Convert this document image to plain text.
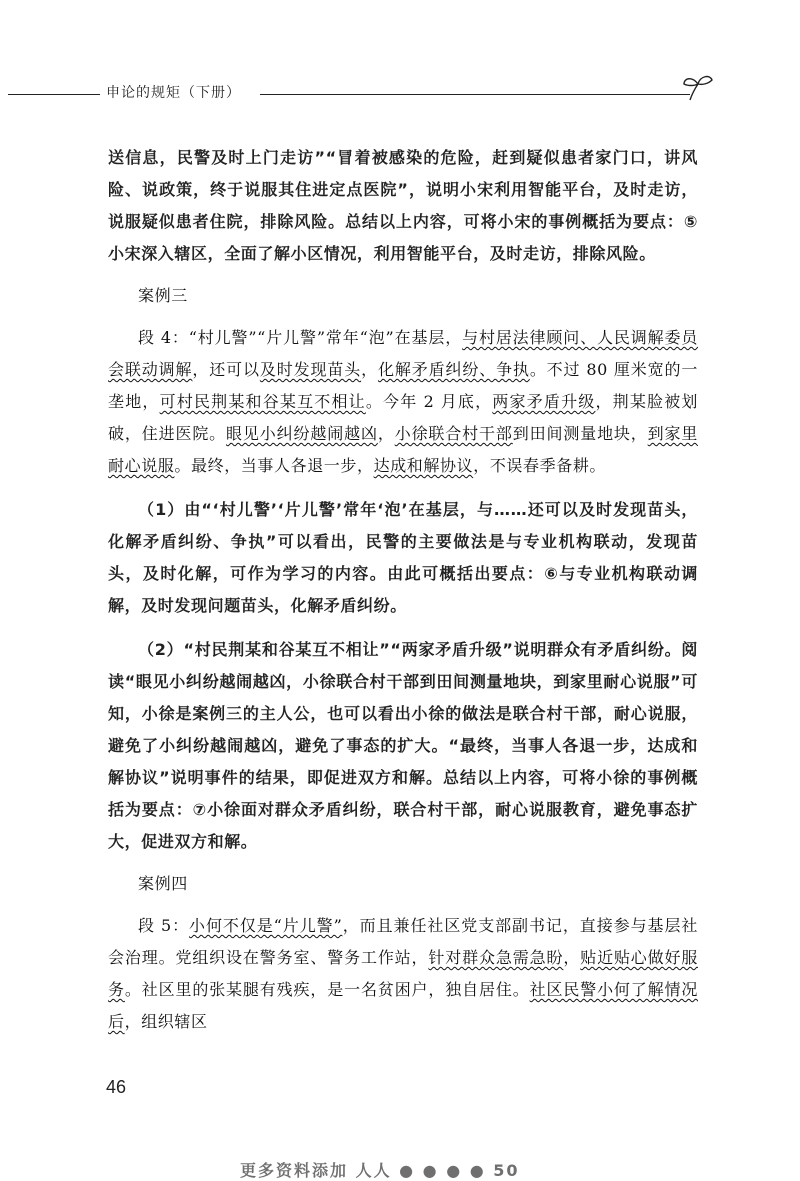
申论的规矩（下册）

送信息，民警及时上门走访”“冒着被感染的危险，赶到疑似患者家门口，讲风险、说政策，终于说服其住进定点医院”，说明小宋利用智能平台，及时走访，说服疑似患者住院，排除风险。总结以上内容，可将小宋的事例概括为要点：⑤小宋深入辖区，全面了解小区情况，利用智能平台，及时走访，排除风险。

案例三

段 4：“村儿警”“片儿警”常年“泡”在基层，与村居法律顾问、人民调解委员会联动调解，还可以及时发现苗头，化解矛盾纠纷、争执。不过 80 厘米宽的一垄地，可村民荆某和谷某互不相让。今年 2 月底，两家矛盾升级，荆某脸被划破，住进医院。眼见小纠纷越闹越凶，小徐联合村干部到田间测量地块，到家里耐心说服。最终，当事人各退一步，达成和解协议，不误春季备耕。

（1）由“‘村儿警’‘片儿警’常年‘泡’在基层，与……还可以及时发现苗头，化解矛盾纠纷、争执”可以看出，民警的主要做法是与专业机构联动，发现苗头，及时化解，可作为学习的内容。由此可概括出要点：⑥与专业机构联动调解，及时发现问题苗头，化解矛盾纠纷。

（2）“村民荆某和谷某互不相让”“两家矛盾升级”说明群众有矛盾纠纷。阅读“眼见小纠纷越闹越凶，小徐联合村干部到田间测量地块，到家里耐心说服”可知，小徐是案例三的主人公，也可以看出小徐的做法是联合村干部，耐心说服，避免了小纠纷越闹越凶，避免了事态的扩大。“最终，当事人各退一步，达成和解协议”说明事件的结果，即促进双方和解。总结以上内容，可将小徐的事例概括为要点：⑦小徐面对群众矛盾纠纷，联合村干部，耐心说服教育，避免事态扩大，促进双方和解。

案例四

段 5：小何不仅是“片儿警”，而且兼任社区党支部副书记，直接参与基层社会治理。党组织设在警务室、警务工作站，针对群众急需急盼，贴近贴心做好服务。社区里的张某腿有残疾，是一名贫困户，独自居住。社区民警小何了解情况后，组织辖区

46
更多资料添加 人人 ● ● ● ● 50
